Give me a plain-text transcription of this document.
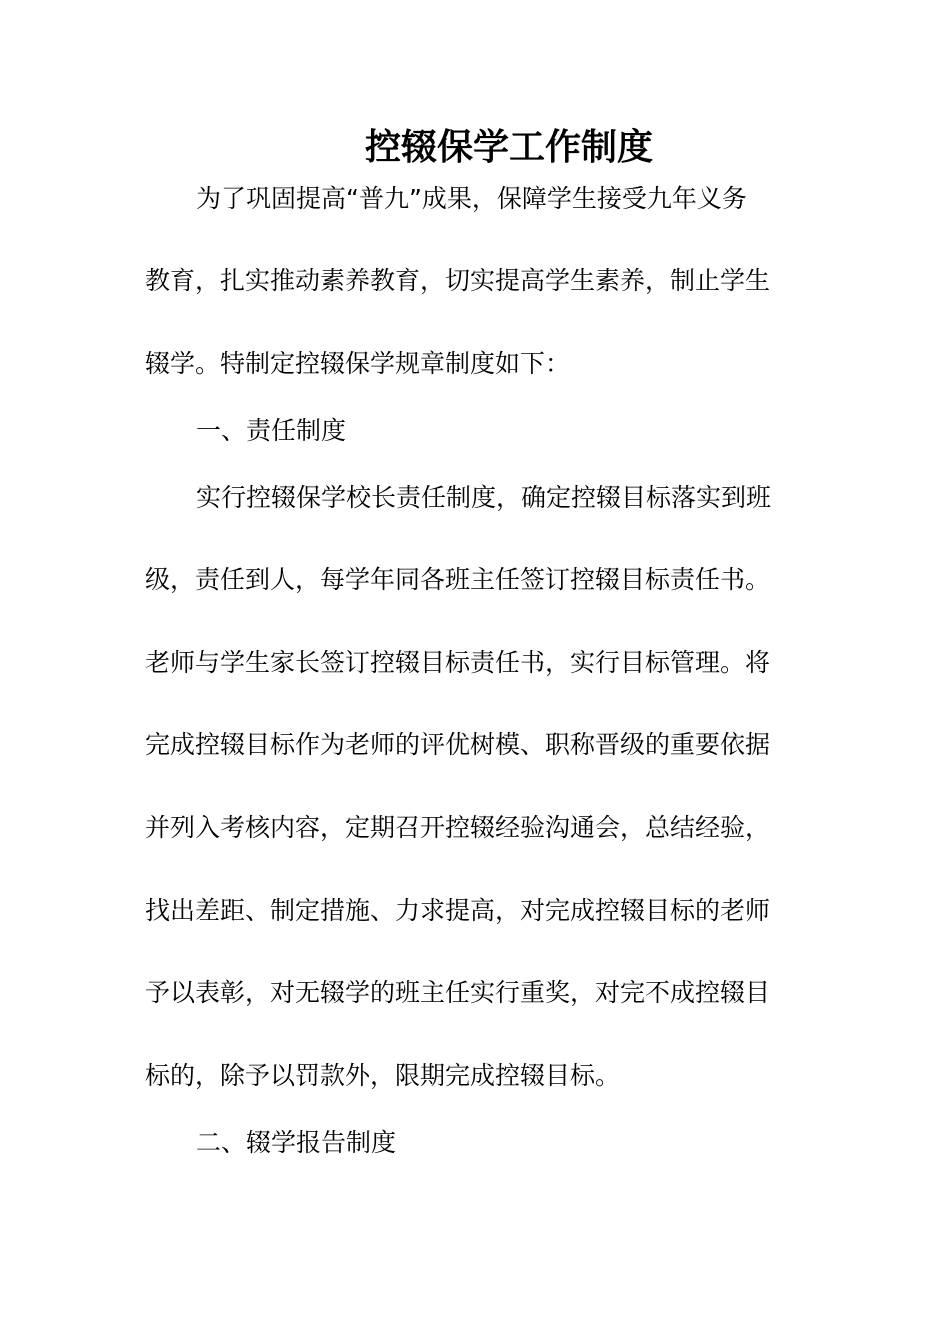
控辍保学工作制度

为了巩固提高“普九”成果，保障学生接受九年义务

教育，扎实推动素养教育，切实提高学生素养，制止学生

辍学。特制定控辍保学规章制度如下：

一、责任制度

实行控辍保学校长责任制度，确定控辍目标落实到班

级，责任到人，每学年同各班主任签订控辍目标责任书。

老师与学生家长签订控辍目标责任书，实行目标管理。将

完成控辍目标作为老师的评优树模、职称晋级的重要依据

并列入考核内容，定期召开控辍经验沟通会，总结经验，

找出差距、制定措施、力求提高，对完成控辍目标的老师

予以表彰，对无辍学的班主任实行重奖，对完不成控辍目

标的，除予以罚款外，限期完成控辍目标。

二、辍学报告制度
